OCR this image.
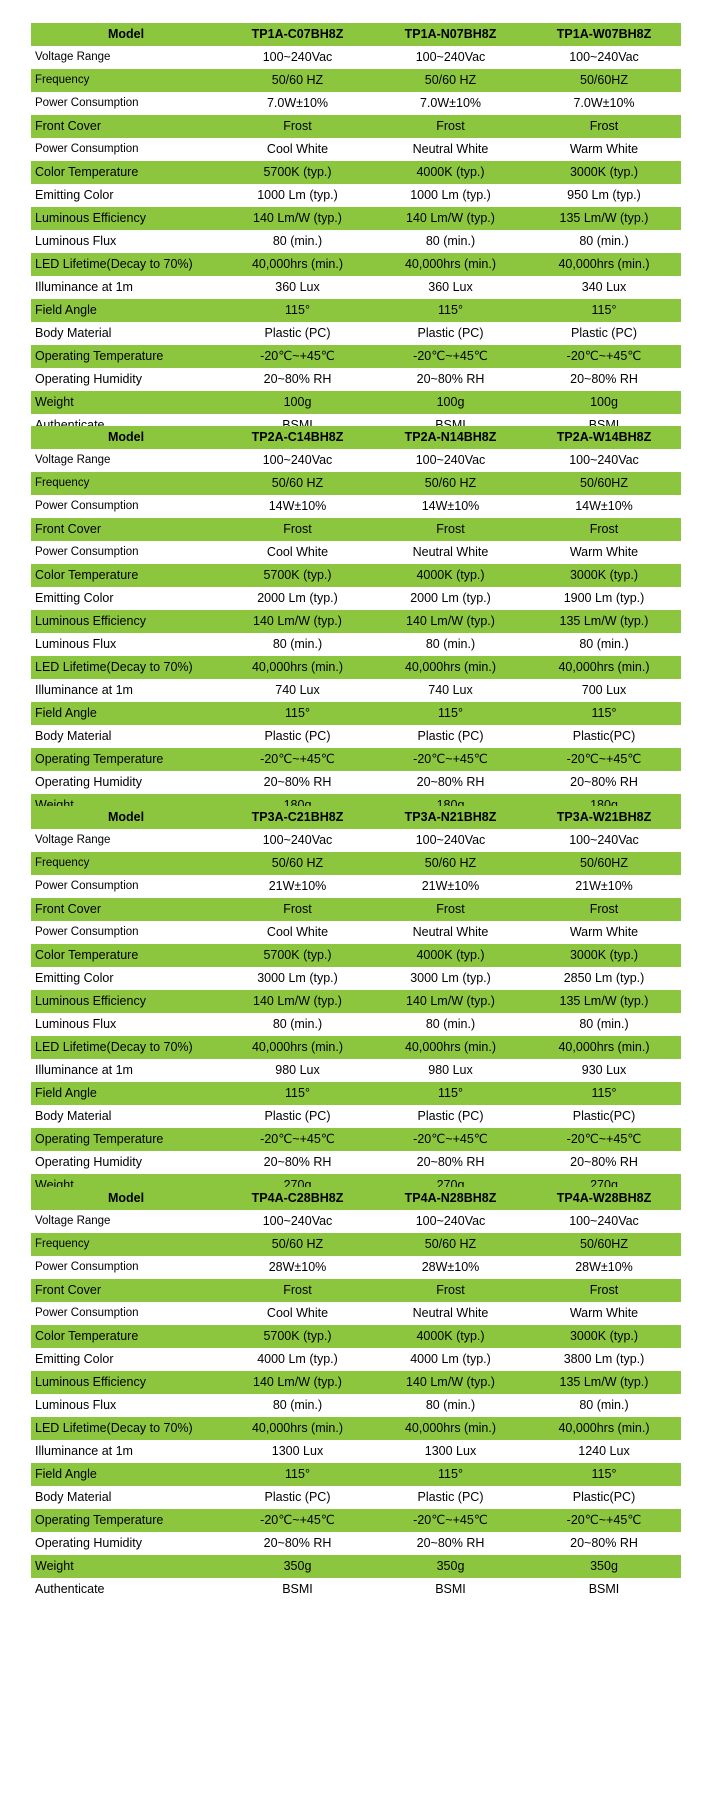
Model	TP1A-C07BH8Z	TP1A-N07BH8Z	TP1A-W07BH8Z
Voltage Range	100~240Vac	100~240Vac	100~240Vac
Frequency	50/60 HZ	50/60 HZ	50/60HZ
Power Consumption	7.0W±10%	7.0W±10%	7.0W±10%
Front Cover	Frost	Frost	Frost
Power Consumption	Cool White	Neutral White	Warm White
Color Temperature	5700K (typ.)	4000K (typ.)	3000K (typ.)
Emitting Color	1000 Lm (typ.)	1000 Lm (typ.)	950 Lm (typ.)
Luminous Efficiency	140 Lm/W (typ.)	140 Lm/W (typ.)	135 Lm/W (typ.)
Luminous Flux	80 (min.)	80 (min.)	80 (min.)
LED Lifetime(Decay to 70%)	40,000hrs (min.)	40,000hrs (min.)	40,000hrs (min.)
Illuminance at 1m	360 Lux	360 Lux	340 Lux
Field Angle	115°	115°	115°
Body Material	Plastic (PC)	Plastic (PC)	Plastic (PC)
Operating Temperature	-20℃~+45℃	-20℃~+45℃	-20℃~+45℃
Operating Humidity	20~80% RH	20~80% RH	20~80% RH
Weight	100g	100g	100g
Authenticate	BSMI	BSMI	BSMI
Model	TP2A-C14BH8Z	TP2A-N14BH8Z	TP2A-W14BH8Z
Voltage Range	100~240Vac	100~240Vac	100~240Vac
Frequency	50/60 HZ	50/60 HZ	50/60HZ
Power Consumption	14W±10%	14W±10%	14W±10%
Front Cover	Frost	Frost	Frost
Power Consumption	Cool White	Neutral White	Warm White
Color Temperature	5700K (typ.)	4000K (typ.)	3000K (typ.)
Emitting Color	2000 Lm (typ.)	2000 Lm (typ.)	1900 Lm (typ.)
Luminous Efficiency	140 Lm/W (typ.)	140 Lm/W (typ.)	135 Lm/W (typ.)
Luminous Flux	80 (min.)	80 (min.)	80 (min.)
LED Lifetime(Decay to 70%)	40,000hrs (min.)	40,000hrs (min.)	40,000hrs (min.)
Illuminance at 1m	740 Lux	740 Lux	700 Lux
Field Angle	115°	115°	115°
Body Material	Plastic (PC)	Plastic (PC)	Plastic(PC)
Operating Temperature	-20℃~+45℃	-20℃~+45℃	-20℃~+45℃
Operating Humidity	20~80% RH	20~80% RH	20~80% RH
Weight	180g	180g	180g
Authenticate	BSMI	BSMI	BSMI
Model	TP3A-C21BH8Z	TP3A-N21BH8Z	TP3A-W21BH8Z
Voltage Range	100~240Vac	100~240Vac	100~240Vac
Frequency	50/60 HZ	50/60 HZ	50/60HZ
Power Consumption	21W±10%	21W±10%	21W±10%
Front Cover	Frost	Frost	Frost
Power Consumption	Cool White	Neutral White	Warm White
Color Temperature	5700K (typ.)	4000K (typ.)	3000K (typ.)
Emitting Color	3000 Lm (typ.)	3000 Lm (typ.)	2850 Lm (typ.)
Luminous Efficiency	140 Lm/W (typ.)	140 Lm/W (typ.)	135 Lm/W (typ.)
Luminous Flux	80 (min.)	80 (min.)	80 (min.)
LED Lifetime(Decay to 70%)	40,000hrs (min.)	40,000hrs (min.)	40,000hrs (min.)
Illuminance at 1m	980 Lux	980 Lux	930 Lux
Field Angle	115°	115°	115°
Body Material	Plastic (PC)	Plastic (PC)	Plastic(PC)
Operating Temperature	-20℃~+45℃	-20℃~+45℃	-20℃~+45℃
Operating Humidity	20~80% RH	20~80% RH	20~80% RH
Weight	270g	270g	270g
Authenticate	BSMI	BSMI	BSMI
Model	TP4A-C28BH8Z	TP4A-N28BH8Z	TP4A-W28BH8Z
Voltage Range	100~240Vac	100~240Vac	100~240Vac
Frequency	50/60 HZ	50/60 HZ	50/60HZ
Power Consumption	28W±10%	28W±10%	28W±10%
Front Cover	Frost	Frost	Frost
Power Consumption	Cool White	Neutral White	Warm White
Color Temperature	5700K (typ.)	4000K (typ.)	3000K (typ.)
Emitting Color	4000 Lm (typ.)	4000 Lm (typ.)	3800 Lm (typ.)
Luminous Efficiency	140 Lm/W (typ.)	140 Lm/W (typ.)	135 Lm/W (typ.)
Luminous Flux	80 (min.)	80 (min.)	80 (min.)
LED Lifetime(Decay to 70%)	40,000hrs (min.)	40,000hrs (min.)	40,000hrs (min.)
Illuminance at 1m	1300 Lux	1300 Lux	1240 Lux
Field Angle	115°	115°	115°
Body Material	Plastic (PC)	Plastic (PC)	Plastic(PC)
Operating Temperature	-20℃~+45℃	-20℃~+45℃	-20℃~+45℃
Operating Humidity	20~80% RH	20~80% RH	20~80% RH
Weight	350g	350g	350g
Authenticate	BSMI	BSMI	BSMI
